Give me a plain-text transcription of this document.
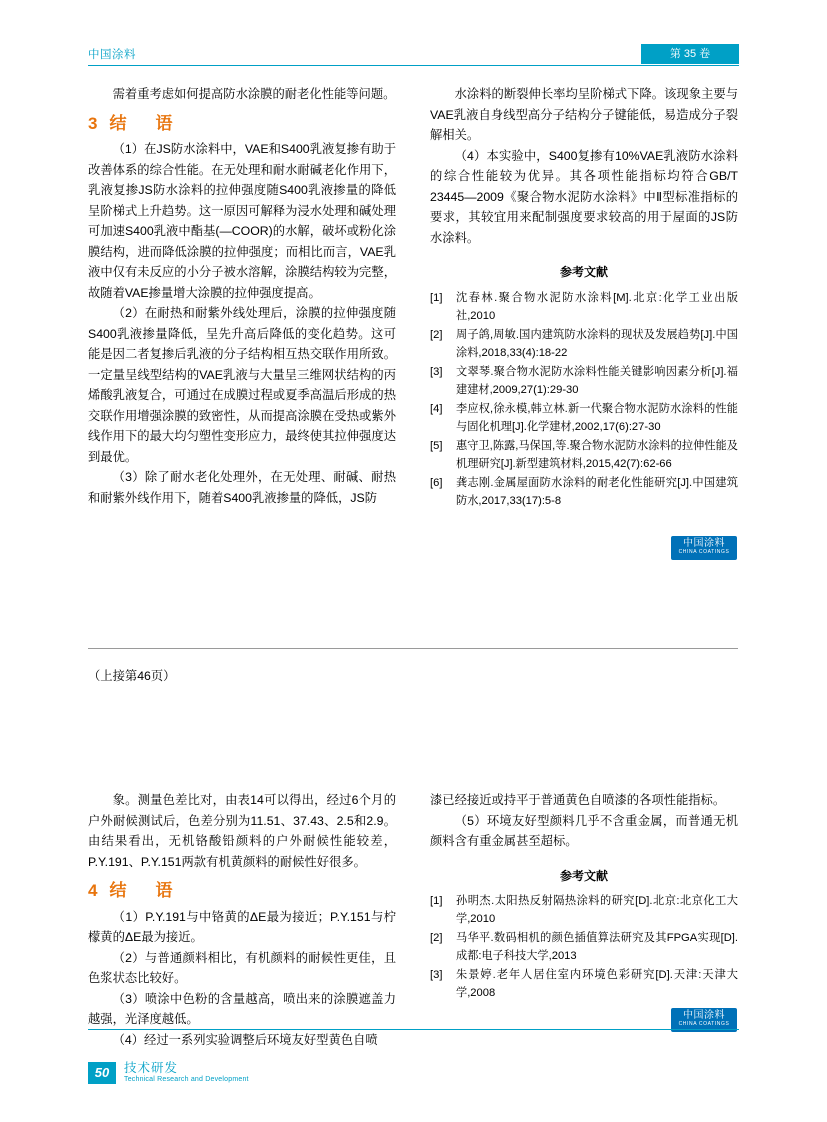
中国涂料	第 35 卷

需着重考虑如何提高防水涂膜的耐老化性能等问题。

3 结　语

（1）在JS防水涂料中，VAE和S400乳液复掺有助于改善体系的综合性能。在无处理和耐水耐碱老化作用下，乳液复掺JS防水涂料的拉伸强度随S400乳液掺量的降低呈阶梯式上升趋势。这一原因可解释为浸水处理和碱处理可加速S400乳液中酯基(—COOR)的水解，破坏或粉化涂膜结构，进而降低涂膜的拉伸强度；而相比而言，VAE乳液中仅有未反应的小分子被水溶解，涂膜结构较为完整，故随着VAE掺量增大涂膜的拉伸强度提高。

（2）在耐热和耐紫外线处理后，涂膜的拉伸强度随S400乳液掺量降低，呈先升高后降低的变化趋势。这可能是因二者复掺后乳液的分子结构相互热交联作用所致。一定量呈线型结构的VAE乳液与大量呈三维网状结构的丙烯酸乳液复合，可通过在成膜过程或夏季高温后形成的热交联作用增强涂膜的致密性，从而提高涂膜在受热或紫外线作用下的最大均匀塑性变形应力，最终使其拉伸强度达到最优。

（3）除了耐水老化处理外，在无处理、耐碱、耐热和耐紫外线作用下，随着S400乳液掺量的降低，JS防

水涂料的断裂伸长率均呈阶梯式下降。该现象主要与VAE乳液自身线型高分子结构分子键能低，易造成分子裂解相关。

（4）本实验中，S400复掺有10%VAE乳液防水涂料的综合性能较为优异。其各项性能指标均符合GB/T 23445—2009《聚合物水泥防水涂料》中Ⅱ型标准指标的要求，其较宜用来配制强度要求较高的用于屋面的JS防水涂料。

参考文献
[1]	沈春林.聚合物水泥防水涂料[M].北京:化学工业出版社,2010
[2]	周子鸽,周敏.国内建筑防水涂料的现状及发展趋势[J].中国涂料,2018,33(4):18-22
[3]	文翠琴.聚合物水泥防水涂料性能关键影响因素分析[J].福建建材,2009,27(1):29-30
[4]	李应权,徐永模,韩立林.新一代聚合物水泥防水涂料的性能与固化机理[J].化学建材,2002,17(6):27-30
[5]	惠守卫,陈露,马保国,等.聚合物水泥防水涂料的拉伸性能及机理研究[J].新型建筑材料,2015,42(7):62-66
[6]	龚志刚.金属屋面防水涂料的耐老化性能研究[J].中国建筑防水,2017,33(17):5-8
中国涂料
CHINA COATINGS
（上接第46页）

象。测量色差比对，由表14可以得出，经过6个月的户外耐候测试后，色差分别为11.51、37.43、2.5和2.9。由结果看出，无机铬酸铅颜料的户外耐候性能较差，P.Y.191、P.Y.151两款有机黄颜料的耐候性好很多。

4 结　语

（1）P.Y.191与中铬黄的ΔE最为接近；P.Y.151与柠檬黄的ΔE最为接近。

（2）与普通颜料相比，有机颜料的耐候性更佳，且色浆状态比较好。

（3）喷涂中色粉的含量越高，喷出来的涂膜遮盖力越强，光泽度越低。

（4）经过一系列实验调整后环境友好型黄色自喷

漆已经接近或持平于普通黄色自喷漆的各项性能指标。

（5）环境友好型颜料几乎不含重金属，而普通无机颜料含有重金属甚至超标。

参考文献
[1]	孙明杰.太阳热反射隔热涂料的研究[D].北京:北京化工大学,2010
[2]	马华平.数码相机的颜色插值算法研究及其FPGA实现[D].成都:电子科技大学,2013
[3]	朱景婷.老年人居住室内环境色彩研究[D].天津:天津大学,2008
中国涂料
CHINA COATINGS
50	技术研发
Technical Research and Development
